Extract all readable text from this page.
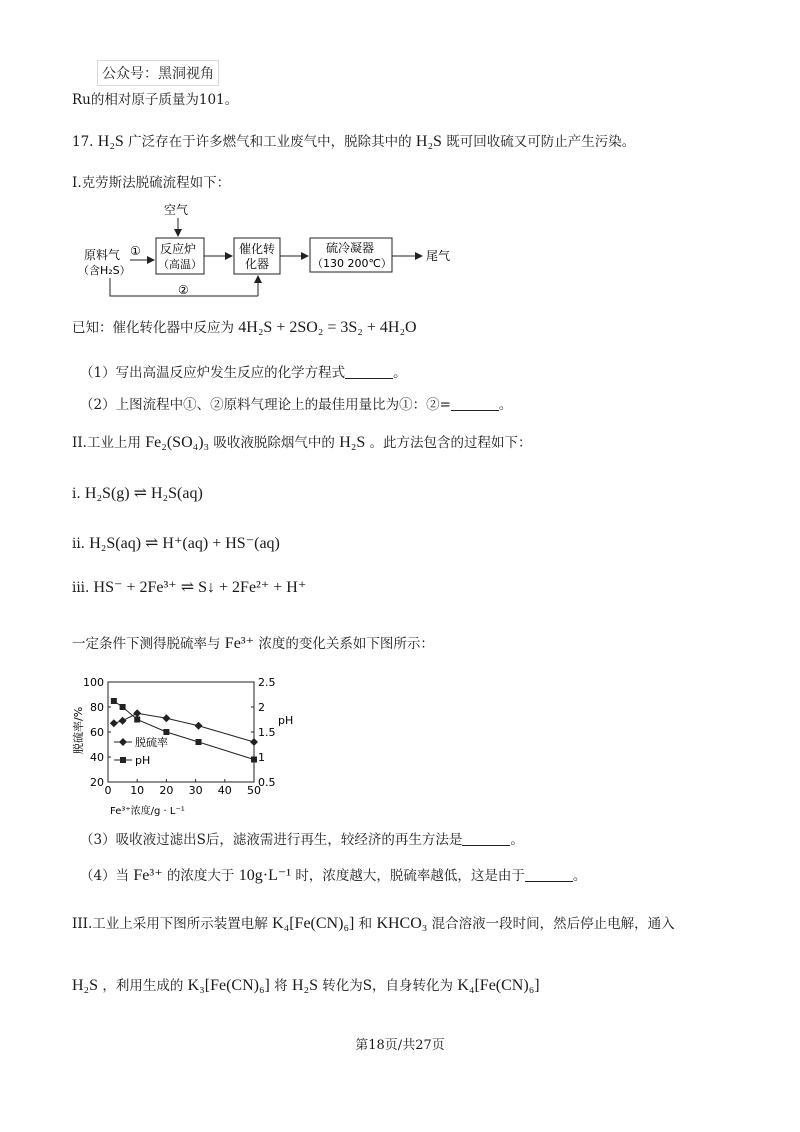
公众号：黑洞视角
Ru的相对原子质量为101。
17. H₂S 广泛存在于许多燃气和工业废气中，脱除其中的 H₂S 既可回收硫又可防止产生污染。
I.克劳斯法脱硫流程如下：
空气
原料气
（含H₂S）
① 反应炉
（高温）
催化转
化器
硫冷凝器
（130 200℃）
尾气
②
已知：催化转化器中反应为 4H₂S + 2SO₂ = 3S₂ + 4H₂O
（1）写出高温反应炉发生反应的化学方程式	。
（2）上图流程中①、②原料气理论上的最佳用量比为①：②=	。
II.工业上用 Fe₂(SO₄)₃ 吸收液脱除烟气中的 H₂S 。此方法包含的过程如下：
i. H₂S(g) ⇌ H₂S(aq)
ii. H₂S(aq) ⇌ H⁺(aq) + HS⁻(aq)
iii. HS⁻ + 2Fe³⁺ ⇌ S↓ + 2Fe²⁺ + H⁺
一定条件下测得脱硫率与 Fe³⁺ 浓度的变化关系如下图所示：
脱硫率/%	pH
Fe³⁺浓度/g · L⁻¹
0 10 20 30 40 50
20
40
60
80
100
0.5
1
1.5
2
2.5
脱硫率
pH
（3）吸收液过滤出S后，滤液需进行再生，较经济的再生方法是	。
（4）当 Fe³⁺ 的浓度大于 10g·L⁻¹ 时，浓度越大，脱硫率越低，这是由于	。
III.工业上采用下图所示装置电解 K₄[Fe(CN)₆] 和 KHCO₃ 混合溶液一段时间，然后停止电解，通入
H₂S ，利用生成的 K₃[Fe(CN)₆] 将 H₂S 转化为S，自身转化为 K₄[Fe(CN)₆]
第18页/共27页
